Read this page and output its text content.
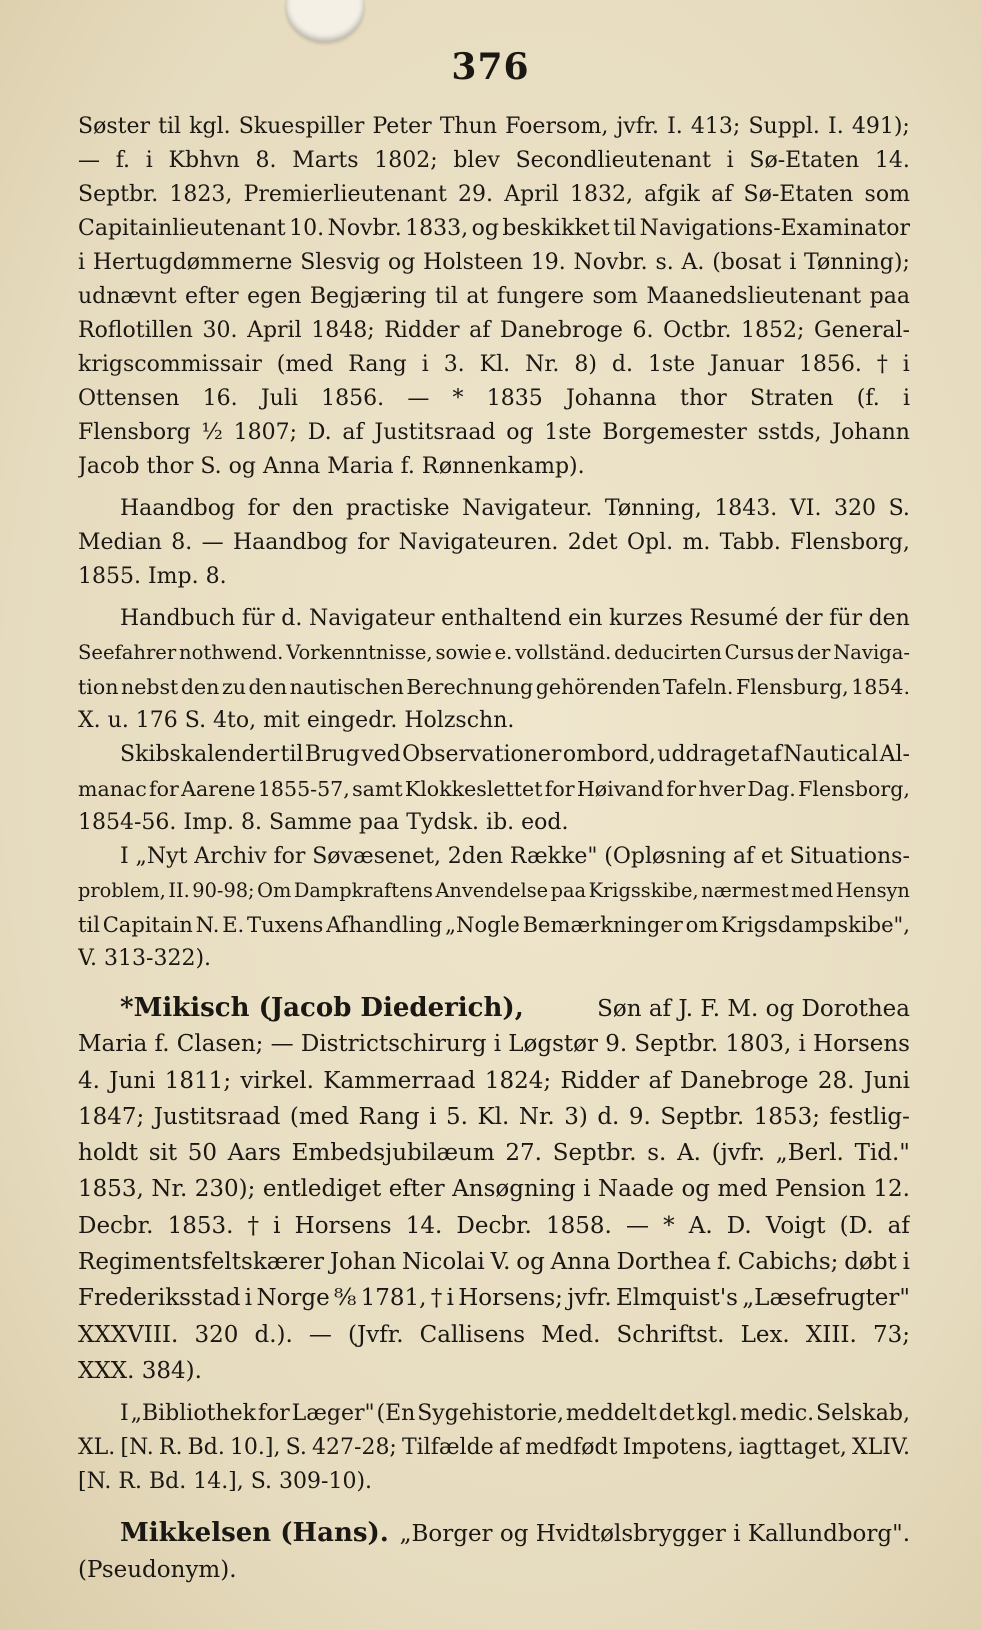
376
Søster til kgl. Skuespiller Peter Thun Foersom, jvfr. I. 413; Suppl. I. 491);
— f. i Kbhvn 8. Marts 1802; blev Secondlieutenant i Sø-Etaten 14.
Septbr. 1823, Premierlieutenant 29. April 1832, afgik af Sø-Etaten som
Capitainlieutenant 10. Novbr. 1833, og beskikket til Navigations-Examinator
i Hertugdømmerne Slesvig og Holsteen 19. Novbr. s. A. (bosat i Tønning);
udnævnt efter egen Begjæring til at fungere som Maanedslieutenant paa
Roflotillen 30. April 1848; Ridder af Danebroge 6. Octbr. 1852; General-
krigscommissair (med Rang i 3. Kl. Nr. 8) d. 1ste Januar 1856. † i
Ottensen 16. Juli 1856. — * 1835 Johanna thor Straten (f. i
Flensborg ½ 1807; D. af Justitsraad og 1ste Borgemester sstds, Johann
Jacob thor S. og Anna Maria f. Rønnenkamp).
Haandbog for den practiske Navigateur. Tønning, 1843. VI. 320 S.
Median 8. — Haandbog for Navigateuren. 2det Opl. m. Tabb. Flensborg,
1855. Imp. 8.
Handbuch für d. Navigateur enthaltend ein kurzes Resumé der für den
Seefahrer nothwend. Vorkenntnisse, sowie e. vollständ. deducirten Cursus der Naviga-
tion nebst den zu den nautischen Berechnung gehörenden Tafeln. Flensburg, 1854.
X. u. 176 S. 4to, mit eingedr. Holzschn.
Skibskalender til Brug ved Observationer ombord, uddraget af Nautical Al-
manac for Aarene 1855-57, samt Klokkeslettet for Høivand for hver Dag. Flensborg,
1854-56. Imp. 8. Samme paa Tydsk. ib. eod.
I „Nyt Archiv for Søvæsenet, 2den Række" (Opløsning af et Situations-
problem, II. 90-98; Om Dampkraftens Anvendelse paa Krigsskibe, nærmest med Hensyn
til Capitain N. E. Tuxens Afhandling „Nogle Bemærkninger om Krigsdampskibe",
V. 313-322).
*Mikisch (Jacob Diederich),	Søn af J. F. M. og Dorothea
Maria f. Clasen; — Districtschirurg i Løgstør 9. Septbr. 1803, i Horsens
4. Juni 1811; virkel. Kammerraad 1824; Ridder af Danebroge 28. Juni
1847; Justitsraad (med Rang i 5. Kl. Nr. 3) d. 9. Septbr. 1853; festlig-
holdt sit 50 Aars Embedsjubilæum 27. Septbr. s. A. (jvfr. „Berl. Tid."
1853, Nr. 230); entlediget efter Ansøgning i Naade og med Pension 12.
Decbr. 1853. † i Horsens 14. Decbr. 1858. — * A. D. Voigt (D. af
Regimentsfeltskærer Johan Nicolai V. og Anna Dorthea f. Cabichs; døbt i
Frederiksstad i Norge ⁸⁄₈ 1781, † i Horsens; jvfr. Elmquist's „Læsefrugter"
XXXVIII. 320 d.). — (Jvfr. Callisens Med. Schriftst. Lex. XIII. 73;
XXX. 384).
I „Bibliothek for Læger" (En Sygehistorie, meddelt det kgl. medic. Selskab,
XL. [N. R. Bd. 10.], S. 427-28; Tilfælde af medfødt Impotens, iagttaget, XLIV.
[N. R. Bd. 14.], S. 309-10).
Mikkelsen (Hans). „Borger og Hvidtølsbrygger i Kallundborg".
(Pseudonym).
